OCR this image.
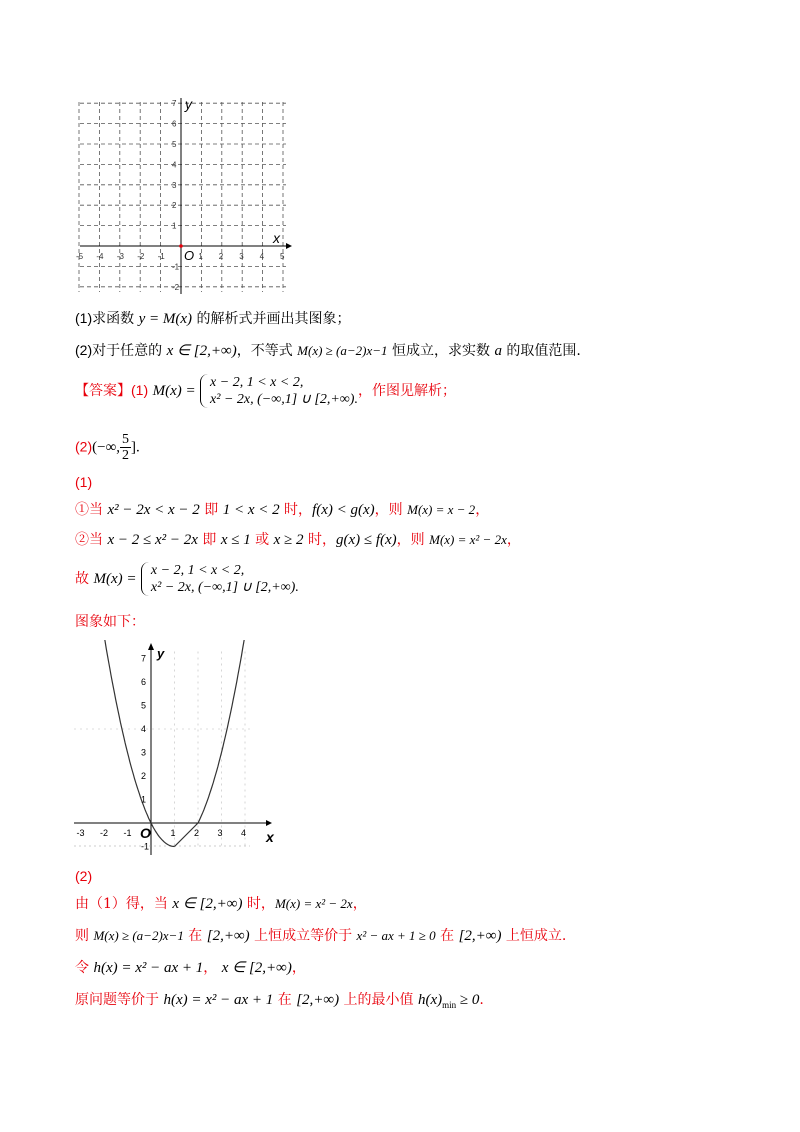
x
y
O
-5 -4 -3 -2 -1	1 2 3 4 5
7
6
5
4
3
2
1
-1
-2
(1)求函数 y = M(x) 的解析式并画出其图象；
(2)对于任意的 x ∈ [2,+∞)，不等式 M(x) ≥ (a−2)x−1 恒成立，求实数 a 的取值范围.
【答案】(1) M(x) =
x − 2, 1 < x < 2,
x² − 2x, (−∞,1] ∪ [2,+∞).
，作图见解析；
(2)(−∞, $\frac{5}{2}$ ].
(1)
①当 x² − 2x < x − 2 即 1 < x < 2 时，f(x) < g(x)，则 M(x) = x − 2，
②当 x − 2 ≤ x² − 2x 即 x ≤ 1 或 x ≥ 2 时，g(x) ≤ f(x)，则 M(x) = x² − 2x，
故 M(x) =
x − 2, 1 < x < 2,
x² − 2x, (−∞,1] ∪ [2,+∞).
图象如下：
x
y
O
-3 -2 -1	1 2 3 4
7
6
5
4
3
2
1
-1
(2)
由（1）得，当 x ∈ [2,+∞) 时，M(x) = x² − 2x，
则 M(x) ≥ (a−2)x−1 在 [2,+∞) 上恒成立等价于 x² − ax + 1 ≥ 0 在 [2,+∞) 上恒成立.
令 h(x) = x² − ax + 1， x ∈ [2,+∞)，
原问题等价于 h(x) = x² − ax + 1 在 [2,+∞) 上的最小值 $h(x)_{min} \ge 0$.
